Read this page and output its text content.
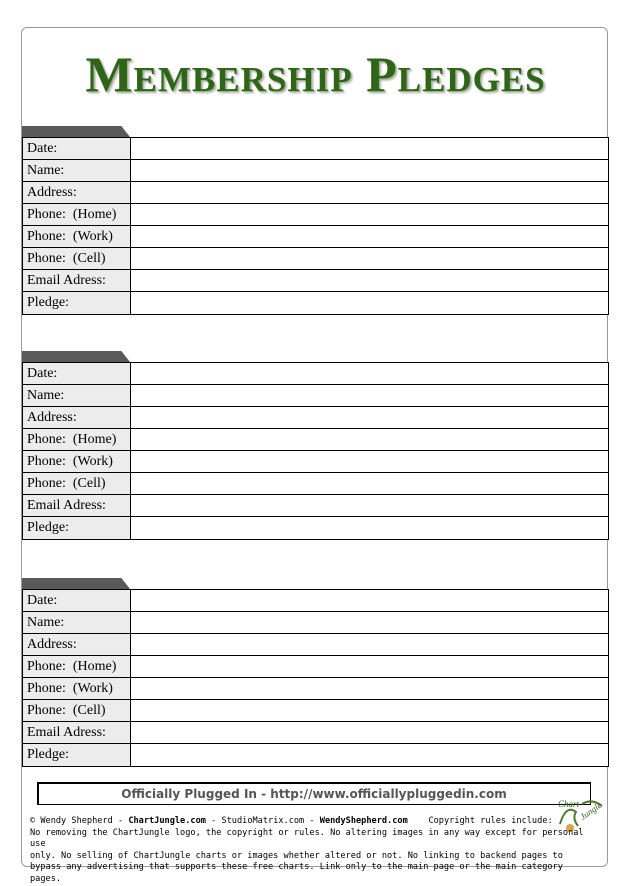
Membership Pledges
Date:
Name:
Address:
Phone:  (Home)
Phone:  (Work)
Phone:  (Cell)
Email Adress:
Pledge:
Date:
Name:
Address:
Phone:  (Home)
Phone:  (Work)
Phone:  (Cell)
Email Adress:
Pledge:
Date:
Name:
Address:
Phone:  (Home)
Phone:  (Work)
Phone:  (Cell)
Email Adress:
Pledge:
Officially Plugged In - http://www.officiallypluggedin.com
Chart Jungle
© Wendy Shepherd - ChartJungle.com - StudioMatrix.com - WendyShepherd.com    Copyright rules include:
No removing the ChartJungle logo, the copyright or rules. No altering images in any way except for personal use
only. No selling of ChartJungle charts or images whether altered or not. No linking to backend pages to
bypass any advertising that supports these free charts. Link only to the main page or the main category pages.
